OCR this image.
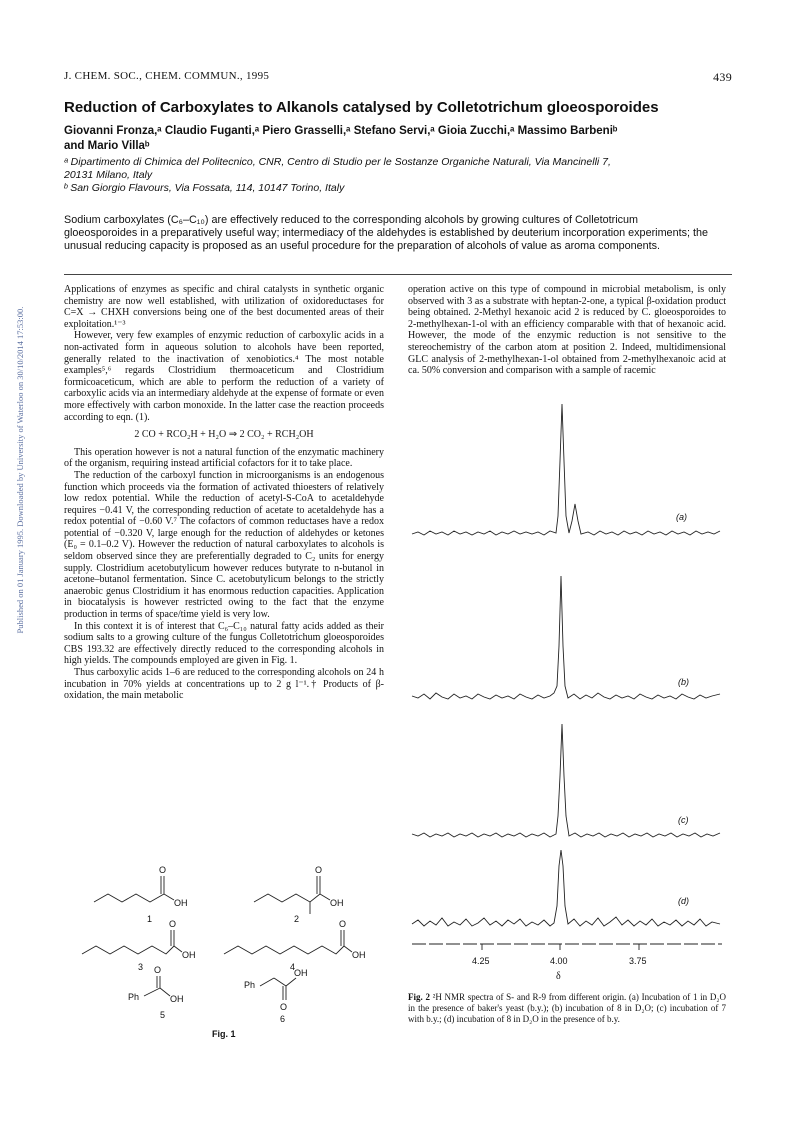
Published on 01 January 1995. Downloaded by University of Waterloo on 30/10/2014 17:53:00.
J. CHEM. SOC., CHEM. COMMUN., 1995	439
Reduction of Carboxylates to Alkanols catalysed by Colletotrichum gloeosporoides
Giovanni Fronza,ᵃ Claudio Fuganti,ᵃ Piero Grasselli,ᵃ Stefano Servi,ᵃ Gioia Zucchi,ᵃ Massimo Barbeniᵇ
and Mario Villaᵇ
ᵃ Dipartimento di Chimica del Politecnico, CNR, Centro di Studio per le Sostanze Organiche Naturali, Via Mancinelli 7,
20131 Milano, Italy
ᵇ San Giorgio Flavours, Via Fossata, 114, 10147 Torino, Italy
Sodium carboxylates (C₆–C₁₀) are effectively reduced to the corresponding alcohols by growing cultures of Colletotricum gloeosporoides in a preparatively useful way; intermediacy of the aldehydes is established by deuterium incorporation experiments; the unusual reducing capacity is proposed as an useful procedure for the preparation of alcohols of value as aroma components.

Applications of enzymes as specific and chiral catalysts in synthetic organic chemistry are now well established, with utilization of oxidoreductases for C=X → CHXH conversions being one of the best documented areas of their exploitation.¹⁻³

However, very few examples of enzymic reduction of carboxylic acids in a non-activated form in aqueous solution to alcohols have been reported, generally related to the inactivation of xenobiotics.⁴ The most notable examples⁵,⁶ regards Clostridium thermoaceticum and Clostridium formicoaceticum, which are able to perform the reduction of a variety of carboxylic acids via an intermediary aldehyde at the expense of formate or even more effectively with carbon monoxide. In the latter case the reaction proceeds according to eqn. (1).

2 CO + RCO₂H + H₂O ⇒ 2 CO₂ + RCH₂OH

This operation however is not a natural function of the enzymatic machinery of the organism, requiring instead artificial cofactors for it to take place.

The reduction of the carboxyl function in microorganisms is an endogenous function which proceeds via the formation of activated thioesters of relatively low redox potential. While the reduction of acetyl-S-CoA to acetaldehyde requires −0.41 V, the corresponding reduction of acetate to acetaldehyde has a redox potential of −0.60 V.⁷ The cofactors of common reductases have a redox potential of −0.320 V, large enough for the reduction of aldehydes or ketones (E₀ = 0.1–0.2 V). However the reduction of natural carboxylates to alcohols is seldom observed since they are preferentially degraded to C₂ units for energy supply. Clostridium acetobutylicum however reduces butyrate to n-butanol in acetone–butanol fermentation. Since C. acetobutylicum belongs to the strictly anaerobic genus Clostridium it has enormous reduction capacities. Application in biocatalysis is however restricted owing to the fact that the enzyme production in terms of space/time yield is very low.

In this context it is of interest that C₆–C₁₀ natural fatty acids added as their sodium salts to a growing culture of the fungus Colletotrichum gloeosporoides CBS 193.32 are effectively directly reduced to the corresponding alcohols in high yields. The compounds employed are given in Fig. 1.

Thus carboxylic acids 1–6 are reduced to the corresponding alcohols on 24 h incubation in 70% yields at concentrations up to 2 g l⁻¹.† Products of β-oxidation, the main metabolic

operation active on this type of compound in microbial metabolism, is only observed with 3 as a substrate with heptan-2-one, a typical β-oxidation product being obtained. 2-Methyl hexanoic acid 2 is reduced by C. gloeosporoides to 2-methylhexan-1-ol with an efficiency comparable with that of hexanoic acid. However, the mode of the enzymic reduction is not sensitive to the stereochemistry of the carbon atom at position 2. Indeed, multidimensional GLC analysis of 2-methylhexan-1-ol obtained from 2-methylhexanoic acid at ca. 50% conversion and comparison with a sample of racemic

O
OH
1
O
OH
2
O
OH
3
O
OH
4
O
Ph	OH
5
Ph
OH
O
6
Fig. 1
(a)
(b)
(c)
(d)
4.25	4.00	3.75
δ
Fig. 2 ²H NMR spectra of S- and R-9 from different origin. (a) Incubation of 1 in D₂O in the presence of baker's yeast (b.y.); (b) incubation of 8 in D₂O; (c) incubation of 7 with b.y.; (d) incubation of 8 in D₂O in the presence of b.y.
